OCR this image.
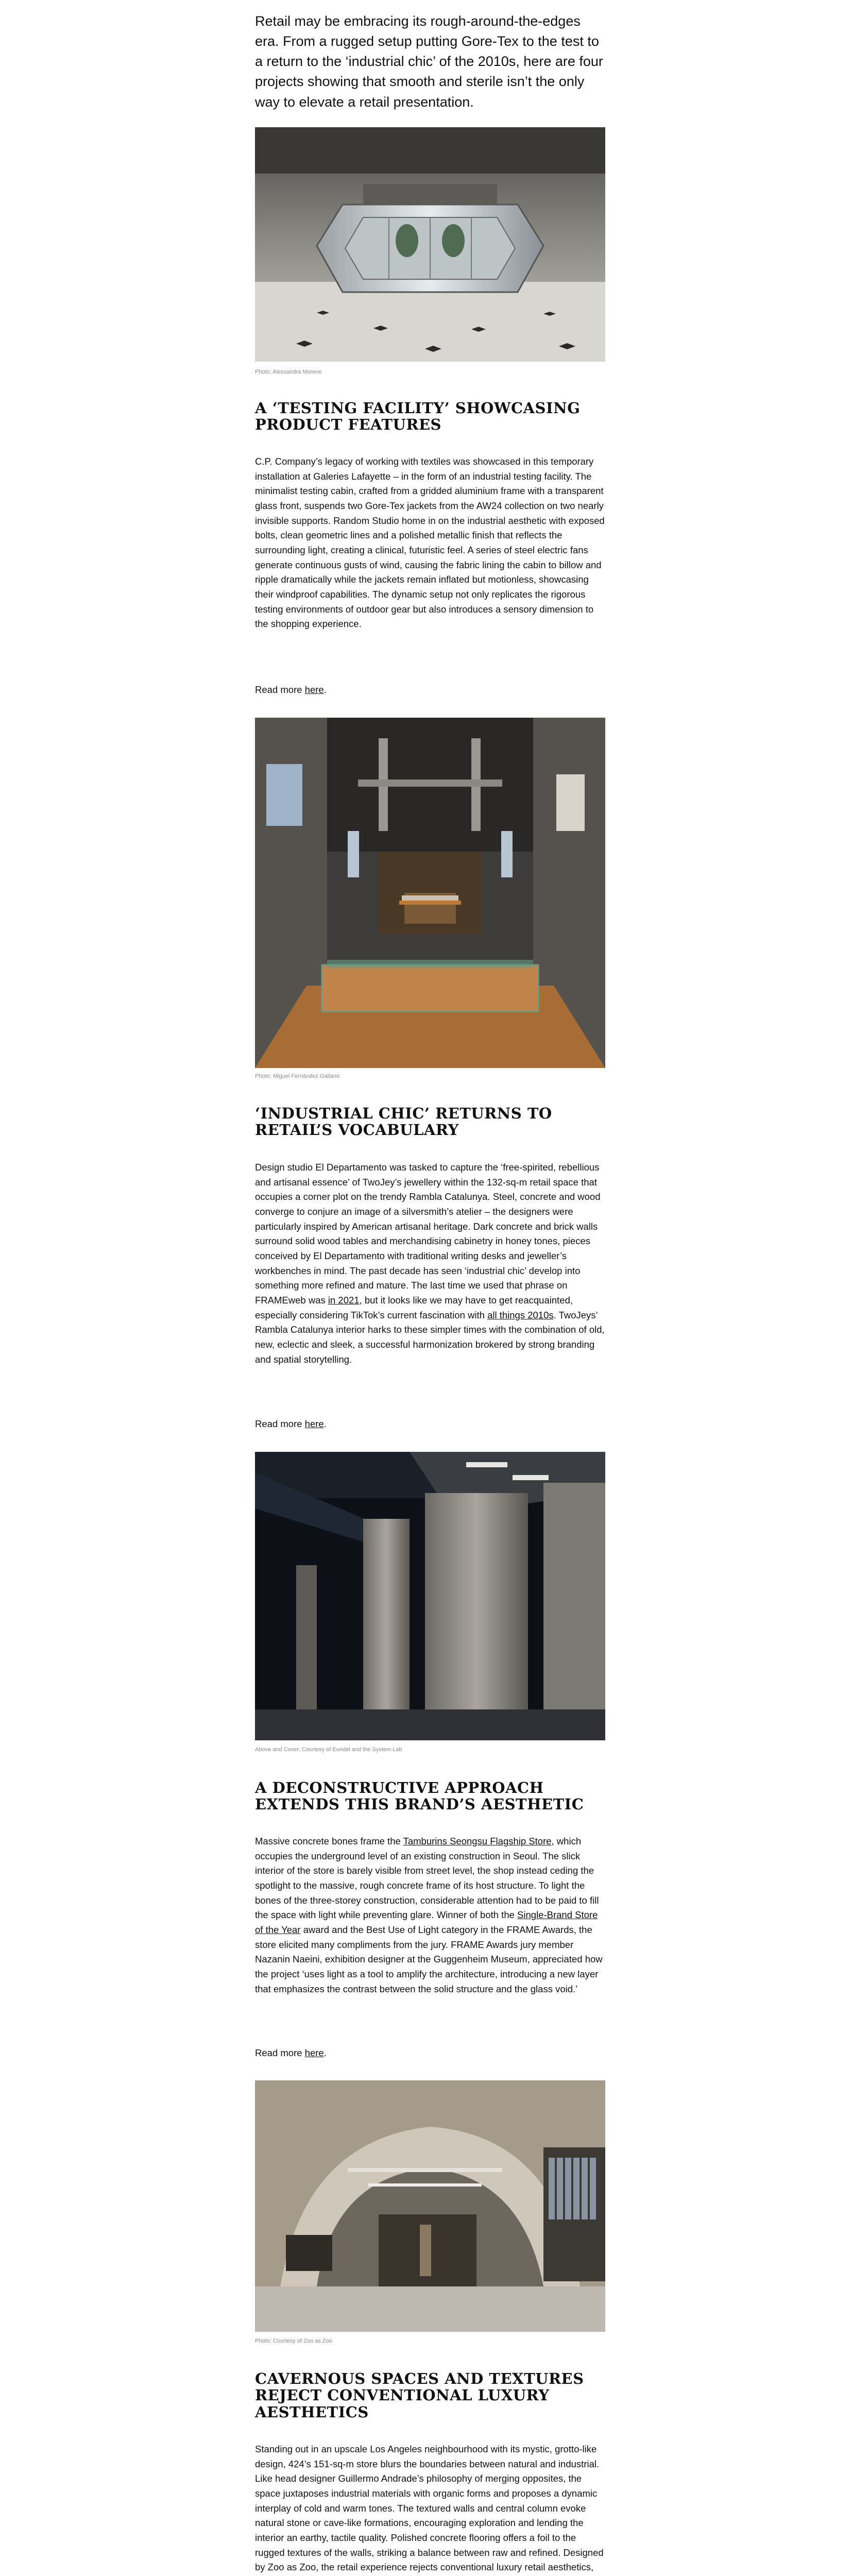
Retail may be embracing its rough-around-the-edges era. From a rugged setup putting Gore-Tex to the test to a return to the ‘industrial chic’ of the 2010s, here are four projects showing that smooth and sterile isn’t the only way to elevate a retail presentation.

Photo: Alessandra Moreno

A ‘TESTING FACILITY’ SHOWCASING PRODUCT FEATURES

C.P. Company’s legacy of working with textiles was showcased in this temporary installation at Galeries Lafayette – in the form of an industrial testing facility. The minimalist testing cabin, crafted from a gridded aluminium frame with a transparent glass front, suspends two Gore-Tex jackets from the AW24 collection on two nearly invisible supports. Random Studio home in on the industrial aesthetic with exposed bolts, clean geometric lines and a polished metallic finish that reflects the surrounding light, creating a clinical, futuristic feel. A series of steel electric fans generate continuous gusts of wind, causing the fabric lining the cabin to billow and ripple dramatically while the jackets remain inflated but motionless, showcasing their windproof capabilities. The dynamic setup not only replicates the rigorous testing environments of outdoor gear but also introduces a sensory dimension to the shopping experience.

Read more here.

Photo: Miguel Fernández Galiano

‘INDUSTRIAL CHIC’ RETURNS TO RETAIL’S VOCABULARY

Design studio El Departamento was tasked to capture the ‘free-spirited, rebellious and artisanal essence’ of TwoJey’s jewellery within the 132-sq-m retail space that occupies a corner plot on the trendy Rambla Catalunya. Steel, concrete and wood converge to conjure an image of a silversmith’s atelier – the designers were particularly inspired by American artisanal heritage. Dark concrete and brick walls surround solid wood tables and merchandising cabinetry in honey tones, pieces conceived by El Departamento with traditional writing desks and jeweller’s workbenches in mind. The past decade has seen ‘industrial chic’ develop into something more refined and mature. The last time we used that phrase on FRAMEweb was in 2021, but it looks like we may have to get reacquainted, especially considering TikTok’s current fascination with all things 2010s. TwoJeys’ Rambla Catalunya interior harks to these simpler times with the combination of old, new, eclectic and sleek, a successful harmonization brokered by strong branding and spatial storytelling.

Read more here.

Above and Cover: Courtesy of Eundel and the System Lab

A DECONSTRUCTIVE APPROACH EXTENDS THIS BRAND’S AESTHETIC

Massive concrete bones frame the Tamburins Seongsu Flagship Store, which occupies the underground level of an existing construction in Seoul. The slick interior of the store is barely visible from street level, the shop instead ceding the spotlight to the massive, rough concrete frame of its host structure. To light the bones of the three-storey construction, considerable attention had to be paid to fill the space with light while preventing glare. Winner of both the Single-Brand Store of the Year award and the Best Use of Light category in the FRAME Awards, the store elicited many compliments from the jury. FRAME Awards jury member Nazanin Naeini, exhibition designer at the Guggenheim Museum, appreciated how the project ‘uses light as a tool to amplify the architecture, introducing a new layer that emphasizes the contrast between the solid structure and the glass void.’

Read more here.

Photo: Courtesy of Zoo as Zoo

CAVERNOUS SPACES AND TEXTURES REJECT CONVENTIONAL LUXURY AESTHETICS

Standing out in an upscale Los Angeles neighbourhood with its mystic, grotto-like design, 424’s 151-sq-m store blurs the boundaries between natural and industrial. Like head designer Guillermo Andrade’s philosophy of merging opposites, the space juxtaposes industrial materials with organic forms and proposes a dynamic interplay of cold and warm tones. The textured walls and central column evoke natural stone or cave-like formations, encouraging exploration and lending the interior an earthy, tactile quality. Polished concrete flooring offers a foil to the rugged textures of the walls, striking a balance between raw and refined. Designed by Zoo as Zoo, the retail experience rejects conventional luxury retail aesthetics,
